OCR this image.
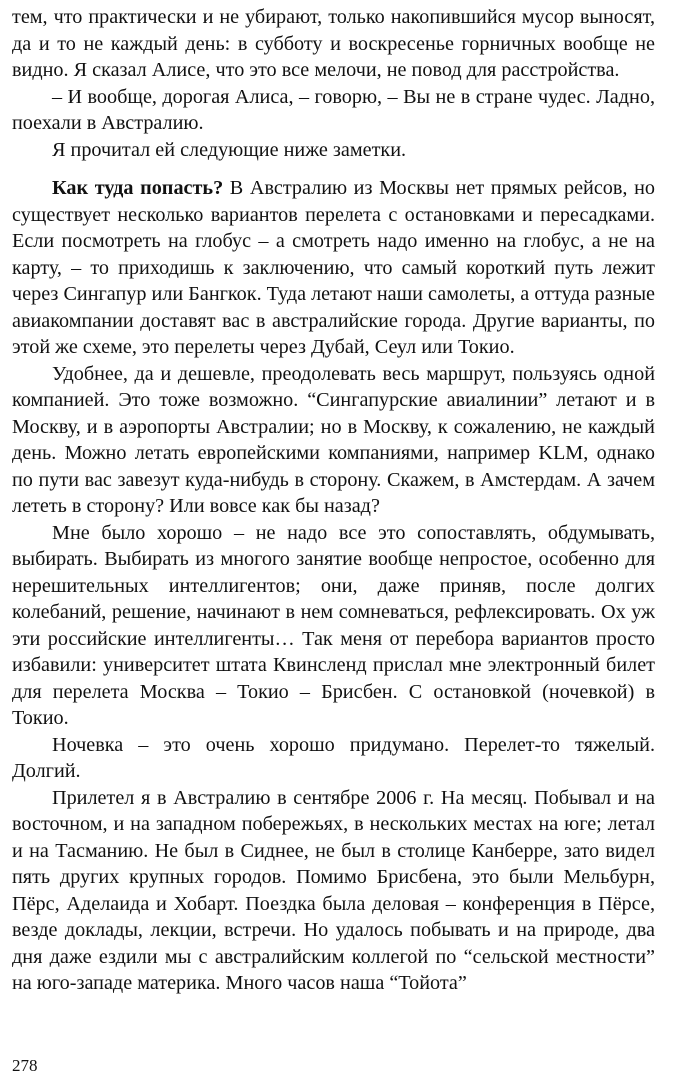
тем, что практически и не убирают, только накопившийся мусор выносят, да и то не каждый день: в субботу и воскресенье горничных вообще не видно. Я сказал Алисе, что это все мелочи, не повод для расстройства.

– И вообще, дорогая Алиса, – говорю, – Вы не в стране чудес. Ладно, поехали в Австралию.

Я прочитал ей следующие ниже заметки.

Как туда попасть? В Австралию из Москвы нет прямых рейсов, но существует несколько вариантов перелета с остановками и пересадками. Если посмотреть на глобус – а смотреть надо именно на глобус, а не на карту, – то приходишь к заключению, что самый короткий путь лежит через Сингапур или Бангкок. Туда летают наши самолеты, а оттуда разные авиакомпании доставят вас в австралийские города. Другие варианты, по этой же схеме, это перелеты через Дубай, Сеул или Токио.

Удобнее, да и дешевле, преодолевать весь маршрут, пользуясь одной компанией. Это тоже возможно. “Сингапурские авиалинии” летают и в Москву, и в аэропорты Австралии; но в Москву, к сожалению, не каждый день. Можно летать европейскими компаниями, например KLM, однако по пути вас завезут куда-нибудь в сторону. Скажем, в Амстердам. А зачем лететь в сторону? Или вовсе как бы назад?

Мне было хорошо – не надо все это сопоставлять, обдумывать, выбирать. Выбирать из многого занятие вообще непростое, особенно для нерешительных интеллигентов; они, даже приняв, после долгих колебаний, решение, начинают в нем сомневаться, рефлексировать. Ох уж эти российские интеллигенты… Так меня от перебора вариантов просто избавили: университет штата Квинсленд прислал мне электронный билет для перелета Москва – Токио – Брисбен. С остановкой (ночевкой) в Токио.

Ночевка – это очень хорошо придумано. Перелет-то тяжелый. Долгий.

Прилетел я в Австралию в сентябре 2006 г. На месяц. Побывал и на восточном, и на западном побережьях, в нескольких местах на юге; летал и на Тасманию. Не был в Сиднее, не был в столице Канберре, зато видел пять других крупных городов. Помимо Брисбена, это были Мельбурн, Пёрс, Аделаида и Хобарт. Поездка была деловая – конференция в Пёрсе, везде доклады, лекции, встречи. Но удалось побывать и на природе, два дня даже ездили мы с австралийским коллегой по “сельской местности” на юго-западе материка. Много часов наша “Тойота”

278
